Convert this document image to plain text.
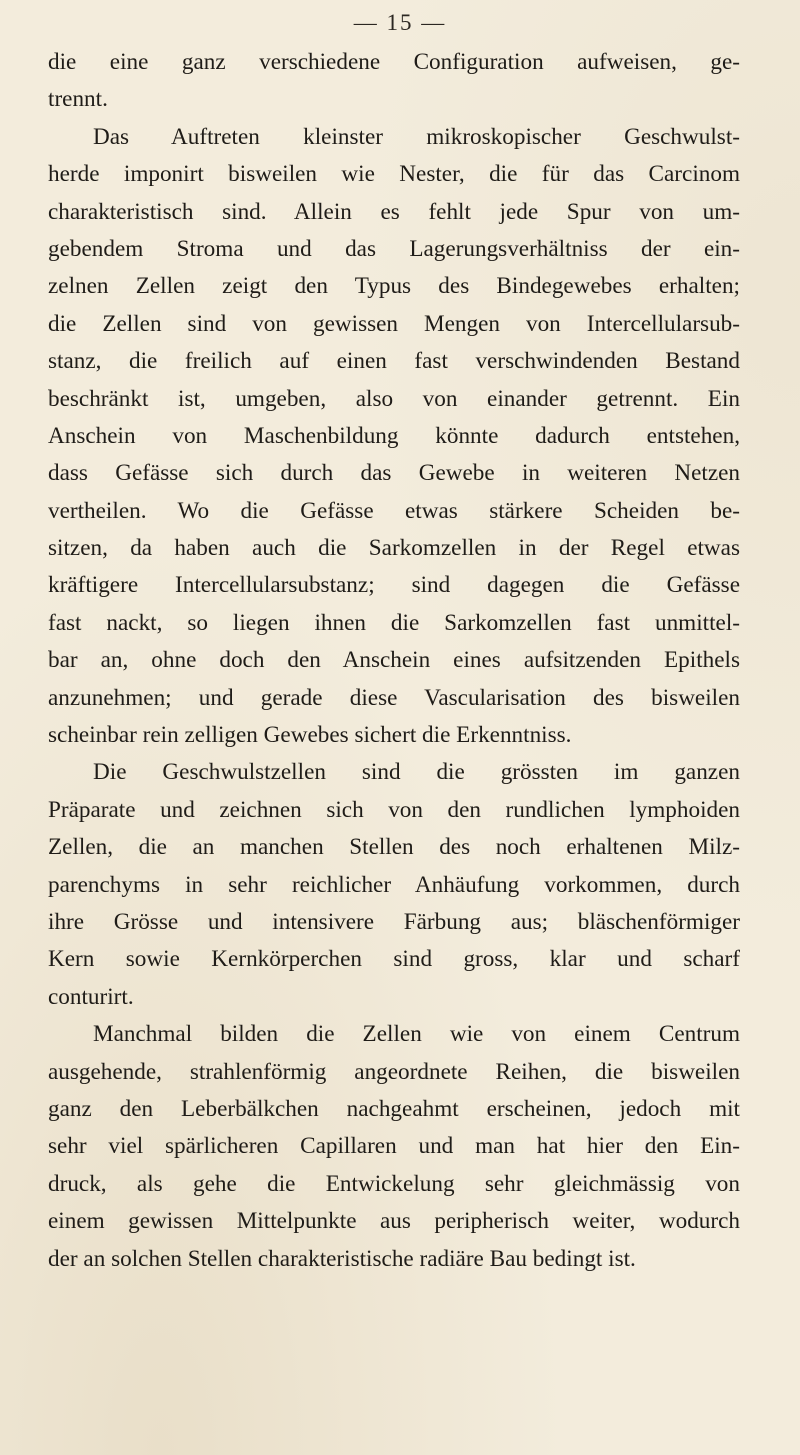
— 15 —
die eine ganz verschiedene Configuration aufweisen, ge-
trennt.
Das Auftreten kleinster mikroskopischer Geschwulst-
herde imponirt bisweilen wie Nester, die für das Carcinom
charakteristisch sind. Allein es fehlt jede Spur von um-
gebendem Stroma und das Lagerungsverhältniss der ein-
zelnen Zellen zeigt den Typus des Bindegewebes erhalten;
die Zellen sind von gewissen Mengen von Intercellularsub-
stanz, die freilich auf einen fast verschwindenden Bestand
beschränkt ist, umgeben, also von einander getrennt. Ein
Anschein von Maschenbildung könnte dadurch entstehen,
dass Gefässe sich durch das Gewebe in weiteren Netzen
vertheilen. Wo die Gefässe etwas stärkere Scheiden be-
sitzen, da haben auch die Sarkomzellen in der Regel etwas
kräftigere Intercellularsubstanz; sind dagegen die Gefässe
fast nackt, so liegen ihnen die Sarkomzellen fast unmittel-
bar an, ohne doch den Anschein eines aufsitzenden Epithels
anzunehmen; und gerade diese Vascularisation des bisweilen
scheinbar rein zelligen Gewebes sichert die Erkenntniss.
Die Geschwulstzellen sind die grössten im ganzen
Präparate und zeichnen sich von den rundlichen lymphoiden
Zellen, die an manchen Stellen des noch erhaltenen Milz-
parenchyms in sehr reichlicher Anhäufung vorkommen, durch
ihre Grösse und intensivere Färbung aus; bläschenförmiger
Kern sowie Kernkörperchen sind gross, klar und scharf
conturirt.
Manchmal bilden die Zellen wie von einem Centrum
ausgehende, strahlenförmig angeordnete Reihen, die bisweilen
ganz den Leberbälkchen nachgeahmt erscheinen, jedoch mit
sehr viel spärlicheren Capillaren und man hat hier den Ein-
druck, als gehe die Entwickelung sehr gleichmässig von
einem gewissen Mittelpunkte aus peripherisch weiter, wodurch
der an solchen Stellen charakteristische radiäre Bau bedingt ist.
